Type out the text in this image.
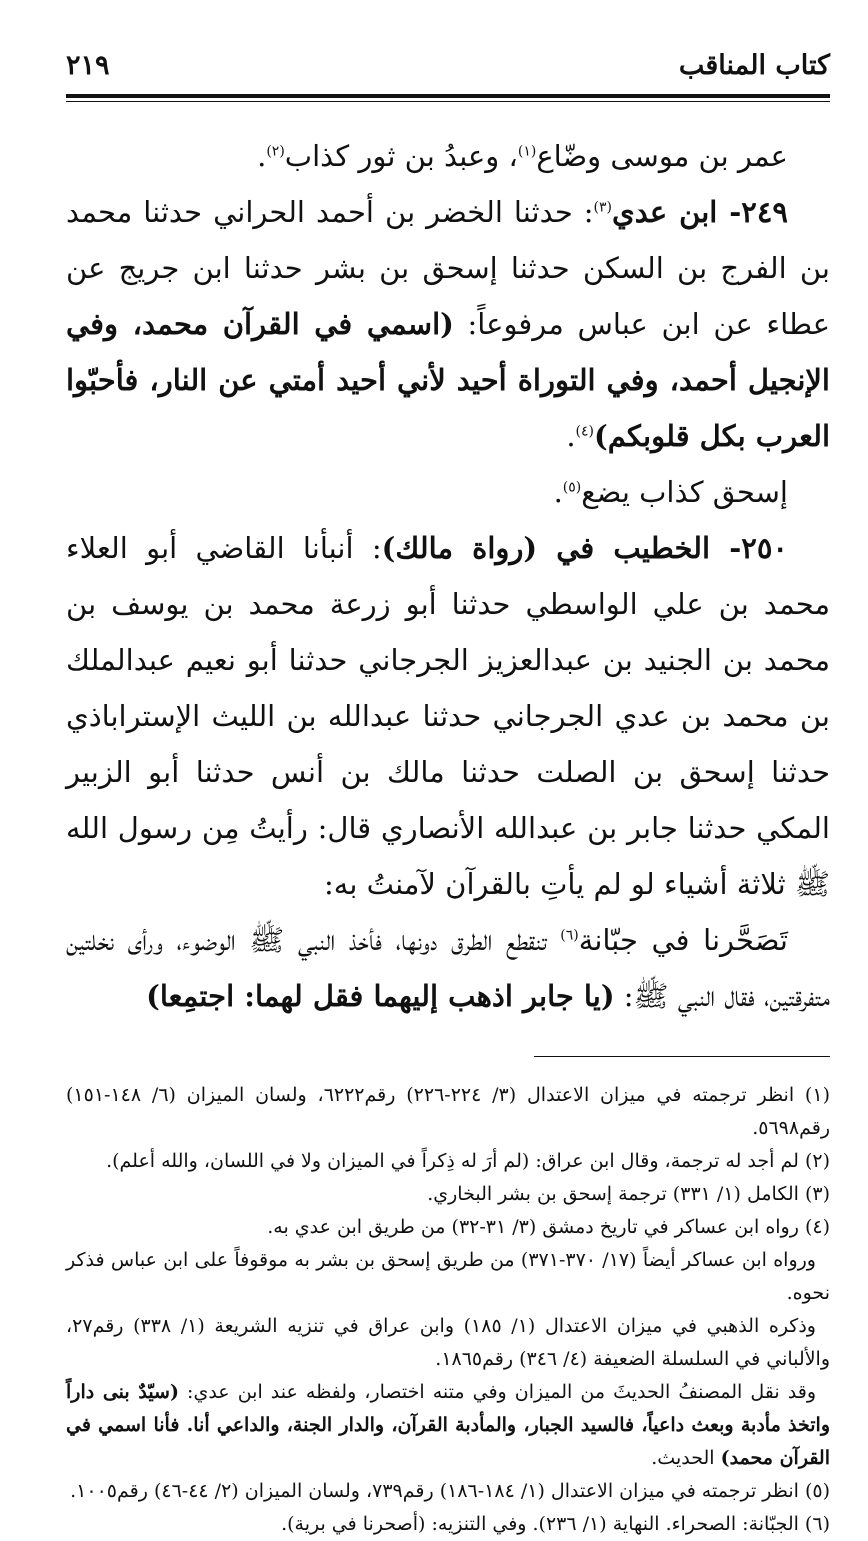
كتاب المناقب
٢١٩

عمر بن موسى وضّاع$^{(١)}$، وعبدُ بن ثور كذاب$^{(٢)}$.

٢٤٩- ابن عدي$^{(٣)}$: حدثنا الخضر بن أحمد الحراني حدثنا محمد بن الفرج بن السكن حدثنا إسحق بن بشر حدثنا ابن جريج عن عطاء عن ابن عباس مرفوعاً: (اسمي في القرآن محمد، وفي الإنجيل أحمد، وفي التوراة أحيد لأني أحيد أمتي عن النار، فأحبّوا العرب بكل قلوبكم)$^{(٤)}$.

إسحق كذاب يضع$^{(٥)}$.

٢٥٠- الخطيب في (رواة مالك): أنبأنا القاضي أبو العلاء محمد بن علي الواسطي حدثنا أبو زرعة محمد بن يوسف بن محمد بن الجنيد بن عبدالعزيز الجرجاني حدثنا أبو نعيم عبدالملك بن محمد بن عدي الجرجاني حدثنا عبدالله بن الليث الإستراباذي حدثنا إسحق بن الصلت حدثنا مالك بن أنس حدثنا أبو الزبير المكي حدثنا جابر بن عبدالله الأنصاري قال: رأيتُ مِن رسول الله ﷺ ثلاثة أشياء لو لم يأتِ بالقرآن لآمنتُ به:

تَصَحَّرنا في جبّانة$^{(٦)}$ تنقطع الطرق دونها، فأخذ النبي ﷺ الوضوء، ورأى نخلتين متفرقتين، فقال النبي ﷺ: (يا جابر اذهب إليهما فقل لهما: اجتمِعا)

(١) انظر ترجمته في ميزان الاعتدال (٣/ ٢٢٤-٢٢٦) رقم٦٢٢٢، ولسان الميزان (٦/ ١٤٨-١٥١) رقم٥٦٩٨.

(٢) لم أجد له ترجمة، وقال ابن عراق: (لم أرَ له ذِكراً في الميزان ولا في اللسان، والله أعلم).

(٣) الكامل (١/ ٣٣١) ترجمة إسحق بن بشر البخاري.

(٤) رواه ابن عساكر في تاريخ دمشق (٣/ ٣١-٣٢) من طريق ابن عدي به.

ورواه ابن عساكر أيضاً (١٧/ ٣٧٠-٣٧١) من طريق إسحق بن بشر به موقوفاً على ابن عباس فذكر نحوه.

وذكره الذهبي في ميزان الاعتدال (١/ ١٨٥) وابن عراق في تنزيه الشريعة (١/ ٣٣٨) رقم٢٧، والألباني في السلسلة الضعيفة (٤/ ٣٤٦) رقم١٨٦٥.

وقد نقل المصنفُ الحديثَ من الميزان وفي متنه اختصار، ولفظه عند ابن عدي: (سيّدٌ بنى داراً واتخذ مأدبة وبعث داعياً، فالسيد الجبار، والمأدبة القرآن، والدار الجنة، والداعي أنا. فأنا اسمي في القرآن محمد) الحديث.

(٥) انظر ترجمته في ميزان الاعتدال (١/ ١٨٤-١٨٦) رقم٧٣٩، ولسان الميزان (٢/ ٤٤-٤٦) رقم١٠٠٥.

(٦) الجبّانة: الصحراء. النهاية (١/ ٢٣٦). وفي التنزيه: (أصحرنا في برية).
